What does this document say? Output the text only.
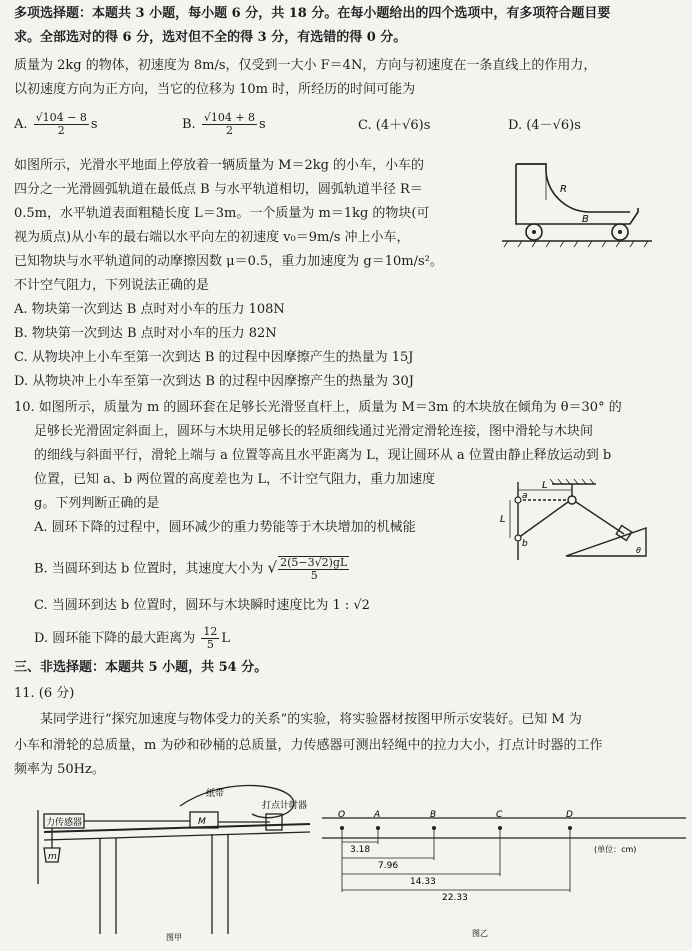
多项选择题：本题共 3 小题，每小题 6 分，共 18 分。在每小题给出的四个选项中，有多项符合题目要
求。全部选对的得 6 分，选对但不全的得 3 分，有选错的得 0 分。
质量为 2kg 的物体，初速度为 8m/s，仅受到一大小 F＝4N，方向与初速度在一条直线上的作用力，
以初速度方向为正方向，当它的位移为 10m 时，所经历的时间可能为
A. $\frac{√104 - 8}{2}$ s	B. $\frac{√104 + 8}{2}$ s	C. (4＋√6)s	D. (4－√6)s
如图所示，光滑水平地面上停放着一辆质量为 M＝2kg 的小车，小车的
四分之一光滑圆弧轨道在最低点 B 与水平轨道相切，圆弧轨道半径 R＝
0.5m，水平轨道表面粗糙长度 L＝3m。一个质量为 m＝1kg 的物块(可
视为质点)从小车的最右端以水平向左的初速度 v₀＝9m/s 冲上小车，
已知物块与水平轨道间的动摩擦因数 μ＝0.5，重力加速度为 g＝10m/s²。
不计空气阻力，下列说法正确的是
A. 物块第一次到达 B 点时对小车的压力 108N
B. 物块第一次到达 B 点时对小车的压力 82N
C. 从物块冲上小车至第一次到达 B 的过程中因摩擦产生的热量为 15J
D. 从物块冲上小车至第一次到达 B 的过程中因摩擦产生的热量为 30J
R
B
10. 如图所示，质量为 m 的圆环套在足够长光滑竖直杆上，质量为 M＝3m 的木块放在倾角为 θ＝30° 的
足够长光滑固定斜面上，圆环与木块用足够长的轻质细线通过光滑定滑轮连接，图中滑轮与木块间
的细线与斜面平行，滑轮上端与 a 位置等高且水平距离为 L，现让圆环从 a 位置由静止释放运动到 b
位置，已知 a、b 两位置的高度差也为 L，不计空气阻力，重力加速度
g。下列判断正确的是
A. 圆环下降的过程中，圆环减少的重力势能等于木块增加的机械能
B. 当圆环到达 b 位置时，其速度大小为 √ $\frac{2(5-3√2)gL}{5}$
C. 当圆环到达 b 位置时，圆环与木块瞬时速度比为 1 : √2
D. 圆环能下降的最大距离为 $\frac{12}{5}$ L
L
L
a
b
θ
三、非选择题：本题共 5 小题，共 54 分。
11. (6 分)
某同学进行“探究加速度与物体受力的关系”的实验，将实验器材按图甲所示安装好。已知 M 为
小车和滑轮的总质量，m 为砂和砂桶的总质量，力传感器可测出轻绳中的拉力大小，打点计时器的工作
频率为 50Hz。
力传感器
纸带
打点计时器
M
m
图甲
O	A	B	C	D
3.18
7.96
14.33
22.33
(单位：cm)
图乙
